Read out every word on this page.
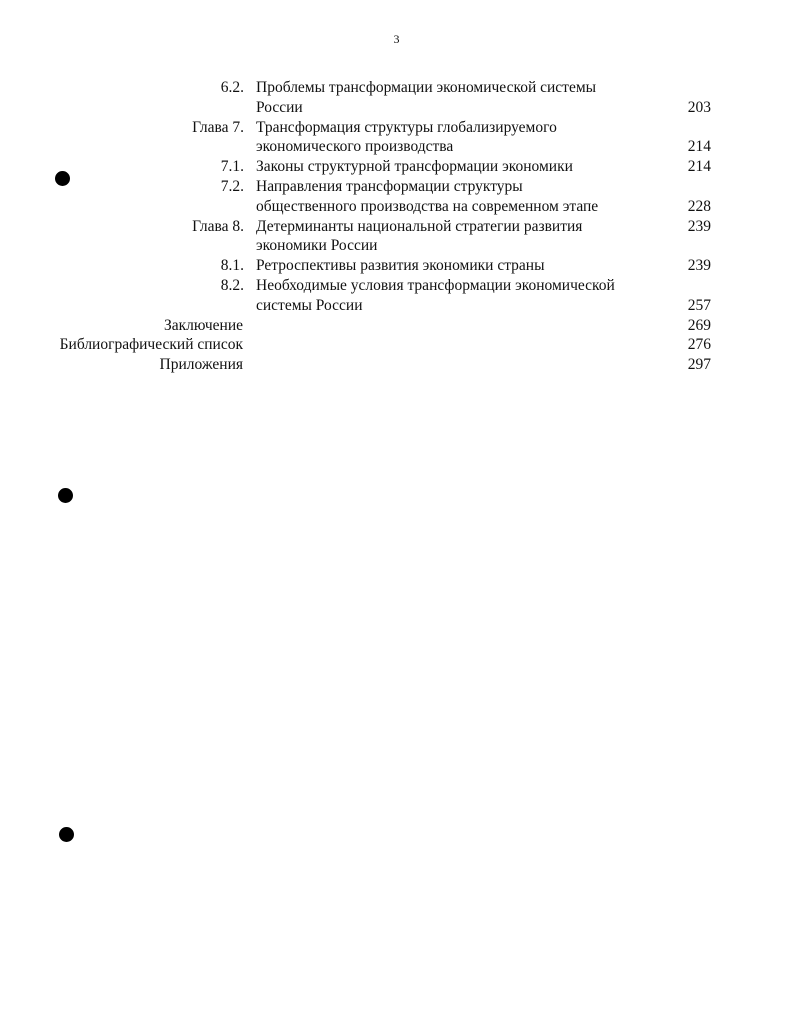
3
6.2. Проблемы трансформации экономической системы
России	203
Глава 7. Трансформация структуры глобализируемого
экономического производства	214
7.1. Законы структурной трансформации экономики	214
7.2. Направления трансформации структуры
общественного производства на современном этапе	228
Глава 8. Детерминанты национальной стратегии развития	239
экономики России
8.1. Ретроспективы развития экономики страны	239
8.2. Необходимые условия трансформации экономической
системы России	257
Заключение	269
Библиографический список	276
Приложения	297
